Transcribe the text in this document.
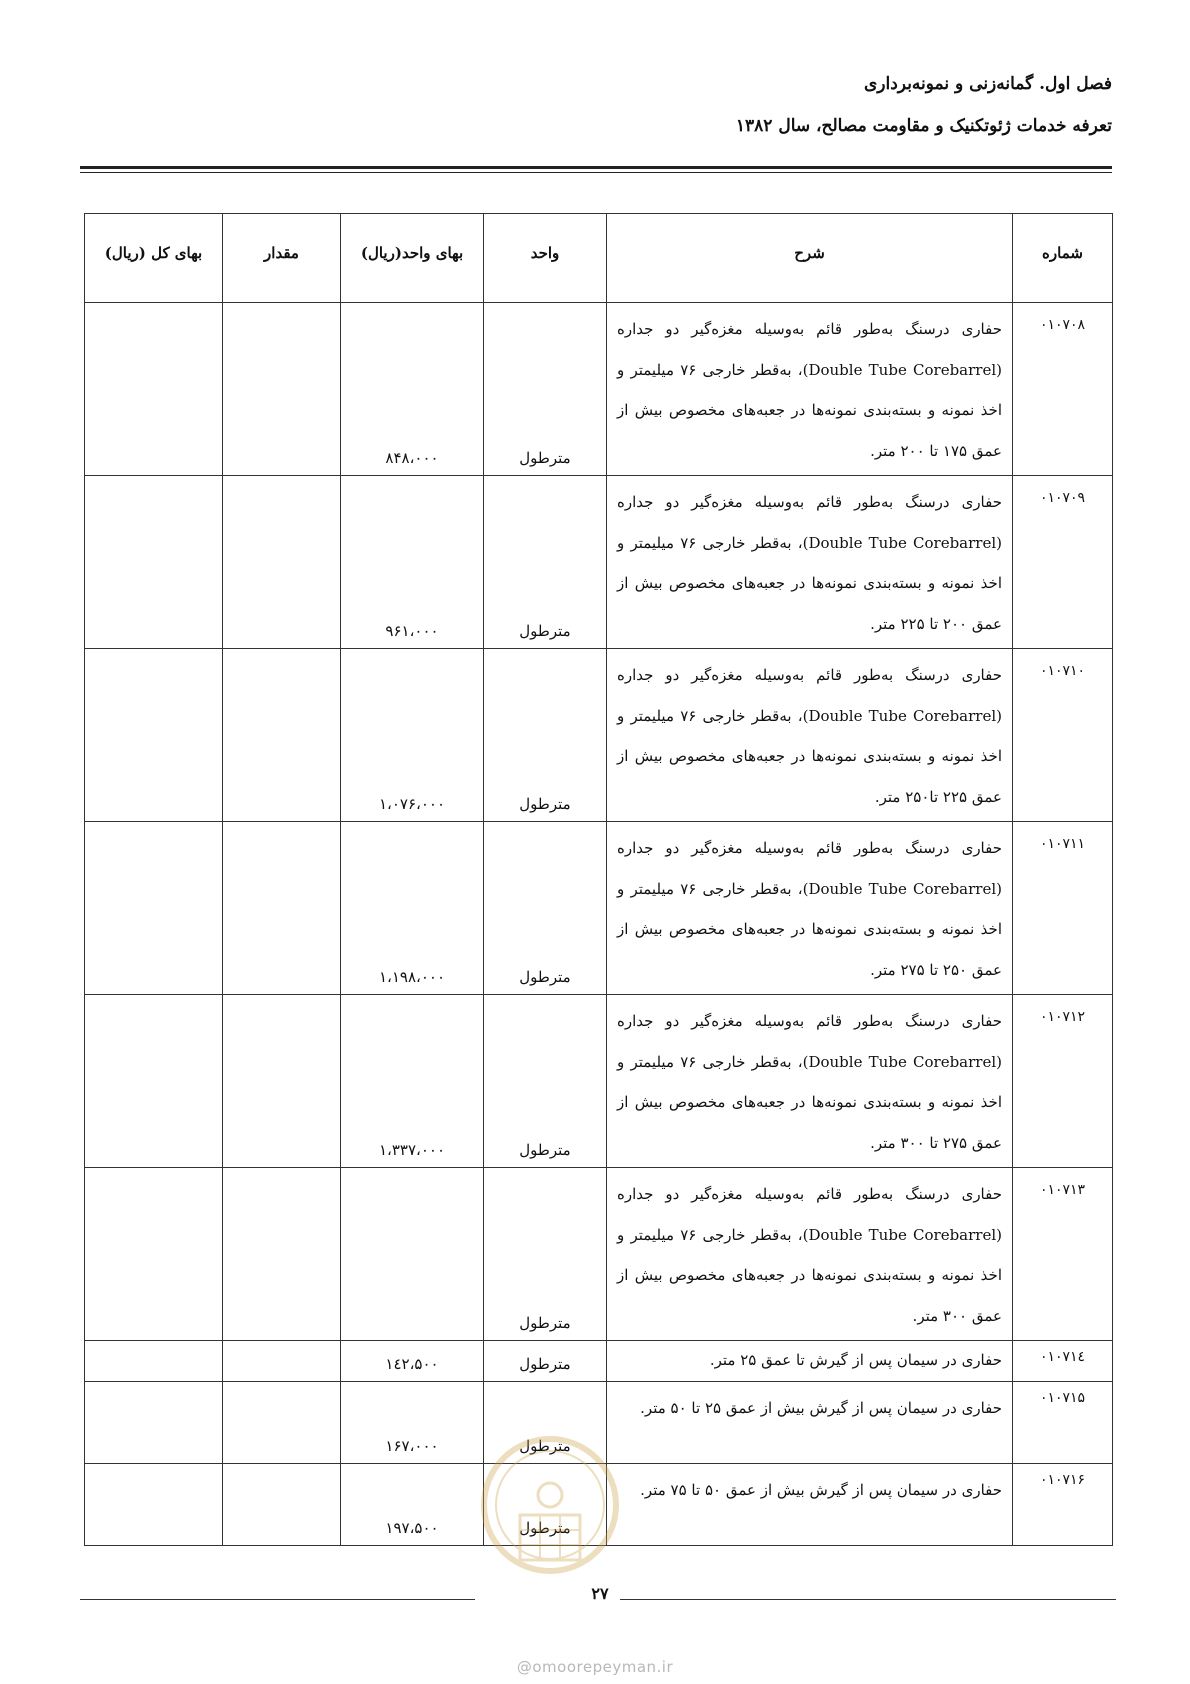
فصل اول. گمانه‌زنی و نمونه‌برداری
تعرفه خدمات ژئوتکنیک و مقاومت مصالح، سال ۱۳۸۲
شماره	شرح	واحد	بهای واحد(ریال)	مقدار	بهای کل (ریال)
۰۱۰۷۰۸	حفاری درسنگ به‌طور قائم به‌وسیله مغزه‌گیر دو جداره (Double Tube Corebarrel)، به‌قطر خارجی ۷۶ میلیمتر و اخذ نمونه و بسته‌بندی نمونه‌ها در جعبه‌های مخصوص بیش از عمق ۱۷۵ تا ۲۰۰ متر.	مترطول	۸۴۸،۰۰۰		
۰۱۰۷۰۹	حفاری درسنگ به‌طور قائم به‌وسیله مغزه‌گیر دو جداره (Double Tube Corebarrel)، به‌قطر خارجی ۷۶ میلیمتر و اخذ نمونه و بسته‌بندی نمونه‌ها در جعبه‌های مخصوص بیش از عمق ۲۰۰ تا ۲۲۵ متر.	مترطول	۹۶۱،۰۰۰		
۰۱۰۷۱۰	حفاری درسنگ به‌طور قائم به‌وسیله مغزه‌گیر دو جداره (Double Tube Corebarrel)، به‌قطر خارجی ۷۶ میلیمتر و اخذ نمونه و بسته‌بندی نمونه‌ها در جعبه‌های مخصوص بیش از عمق ۲۲۵ تا۲۵۰ متر.	مترطول	۱،۰۷۶،۰۰۰		
۰۱۰۷۱۱	حفاری درسنگ به‌طور قائم به‌وسیله مغزه‌گیر دو جداره (Double Tube Corebarrel)، به‌قطر خارجی ۷۶ میلیمتر و اخذ نمونه و بسته‌بندی نمونه‌ها در جعبه‌های مخصوص بیش از عمق ۲۵۰ تا ۲۷۵ متر.	مترطول	۱،۱۹۸،۰۰۰		
۰۱۰۷۱۲	حفاری درسنگ به‌طور قائم به‌وسیله مغزه‌گیر دو جداره (Double Tube Corebarrel)، به‌قطر خارجی ۷۶ میلیمتر و اخذ نمونه و بسته‌بندی نمونه‌ها در جعبه‌های مخصوص بیش از عمق ۲۷۵ تا ۳۰۰ متر.	مترطول	۱،۳۳۷،۰۰۰		
۰۱۰۷۱۳	حفاری درسنگ به‌طور قائم به‌وسیله مغزه‌گیر دو جداره (Double Tube Corebarrel)، به‌قطر خارجی ۷۶ میلیمتر و اخذ نمونه و بسته‌بندی نمونه‌ها در جعبه‌های مخصوص بیش از عمق ۳۰۰ متر.	مترطول			
۰۱۰۷۱٤	حفاری در سیمان پس از گیرش تا عمق ۲۵ متر.	مترطول	۱٤۲،۵۰۰		
۰۱۰۷۱۵	حفاری در سیمان پس از گیرش بیش از عمق ۲۵ تا ۵۰ متر.	مترطول	۱۶۷،۰۰۰		
۰۱۰۷۱۶	حفاری در سیمان پس از گیرش بیش از عمق ۵۰ تا ۷۵ متر.	مترطول	۱۹۷،۵۰۰		
۲۷
@omoorepeyman.ir
